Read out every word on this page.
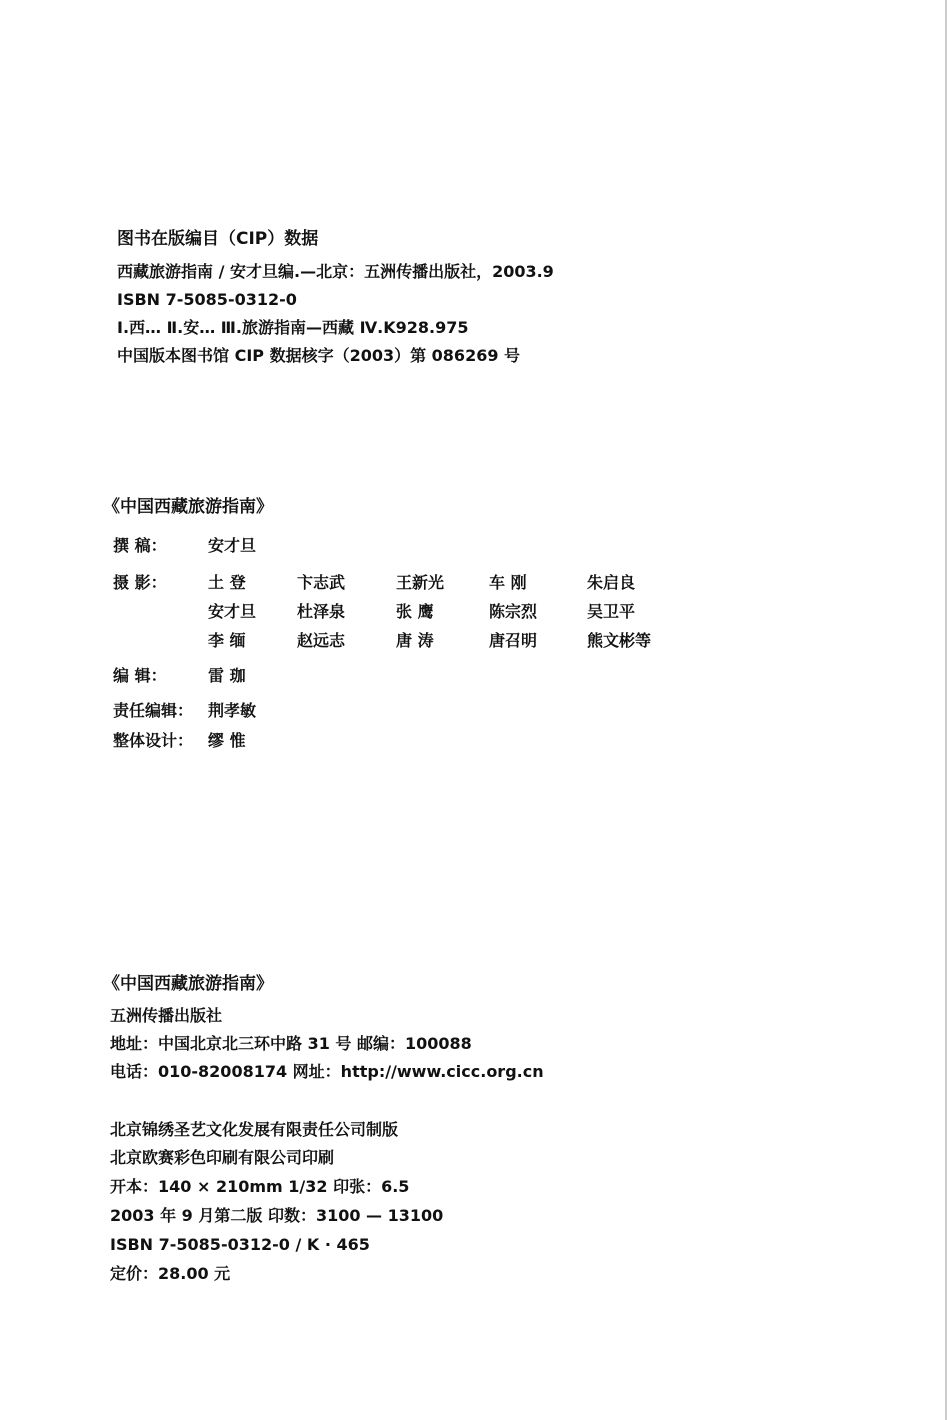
图书在版编目（CIP）数据
西藏旅游指南 / 安才旦编.—北京：五洲传播出版社，2003.9
ISBN 7-5085-0312-0
Ⅰ.西… Ⅱ.安… Ⅲ.旅游指南—西藏 Ⅳ.K928.975
中国版本图书馆 CIP 数据核字（2003）第 086269 号
《中国西藏旅游指南》
撰 稿：	安才旦
摄 影：	土 登	卞志武	王新光	车 刚	朱启良
安才旦	杜泽泉	张 鹰	陈宗烈	吴卫平
李 缅	赵远志	唐 涛	唐召明	熊文彬等
编 辑：	雷 珈
责任编辑： 荆孝敏
整体设计： 缪 惟
《中国西藏旅游指南》
五洲传播出版社
地址：中国北京北三环中路 31 号 邮编：100088
电话：010-82008174 网址：http://www.cicc.org.cn
北京锦绣圣艺文化发展有限责任公司制版
北京欧赛彩色印刷有限公司印刷
开本：140 × 210mm 1/32 印张：6.5
2003 年 9 月第二版 印数：3100 — 13100
ISBN 7-5085-0312-0 / K · 465
定价：28.00 元
